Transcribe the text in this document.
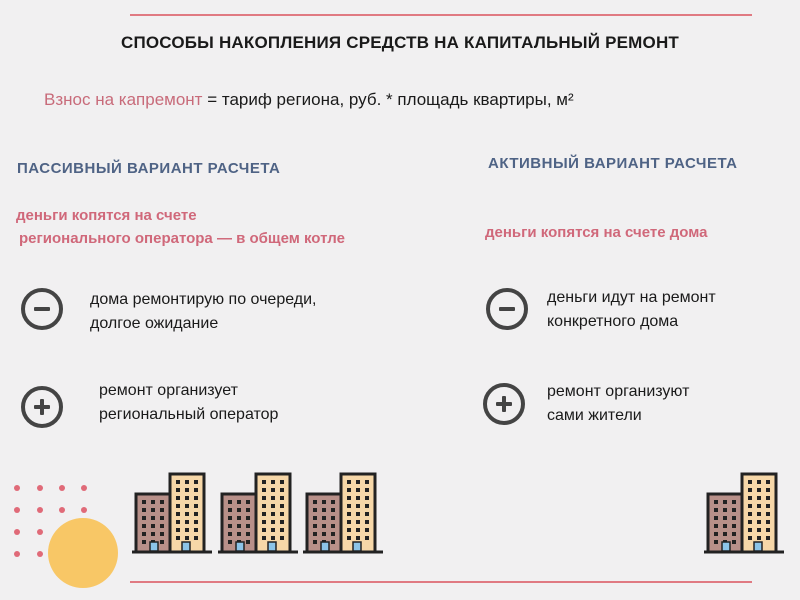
СПОСОБЫ НАКОПЛЕНИЯ СРЕДСТВ НА КАПИТАЛЬНЫЙ РЕМОНТ
Взнос на капремонт = тариф региона, руб. * площадь квартиры, м²
ПАССИВНЫЙ ВАРИАНТ РАСЧЕТА
деньги копятся на счете
регионального оператора — в общем котле
дома ремонтирую по очереди,
долгое ожидание
ремонт организует
региональный оператор
АКТИВНЫЙ ВАРИАНТ РАСЧЕТА
деньги копятся на счете дома
деньги идут на ремонт
конкретного дома
ремонт организуют
сами жители
